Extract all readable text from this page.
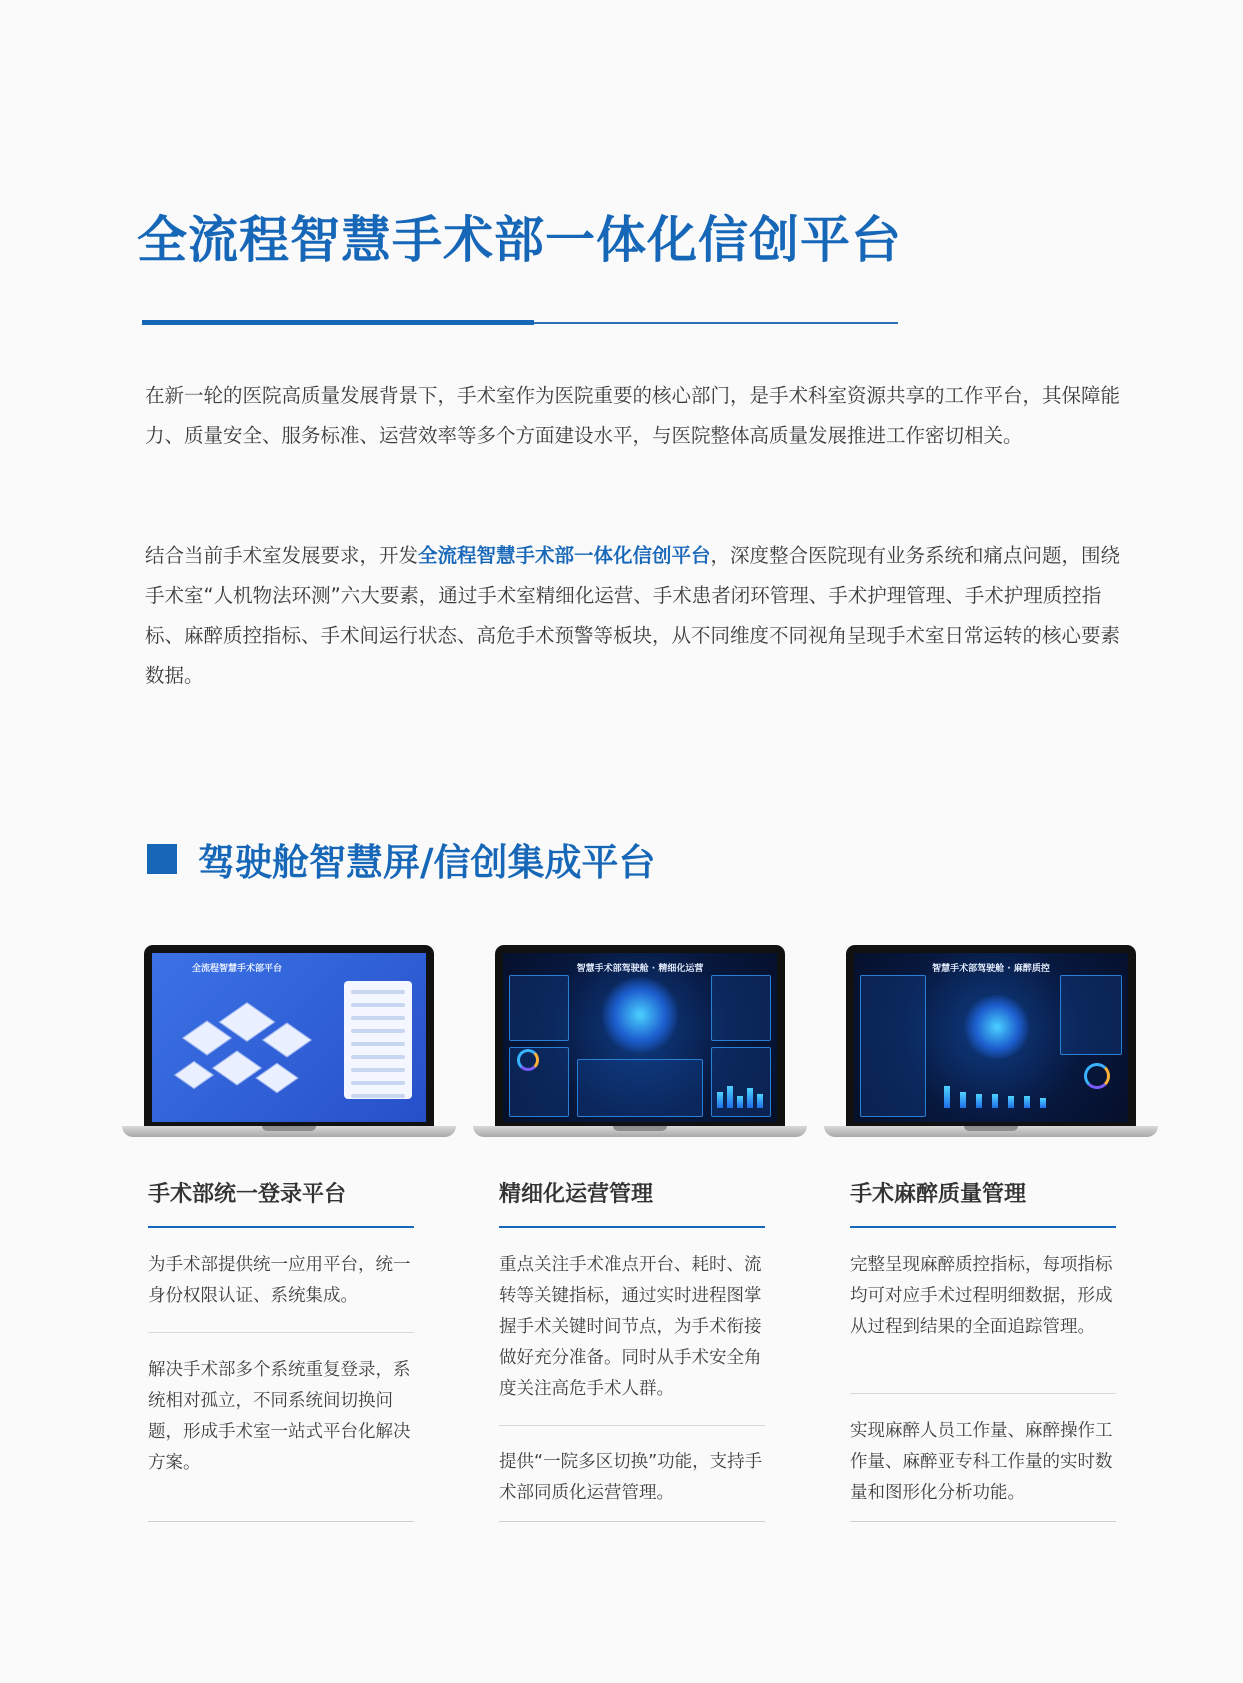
全流程智慧手术部一体化信创平台

在新一轮的医院高质量发展背景下，手术室作为医院重要的核心部门，是手术科室资源共享的工作平台，其保障能力、质量安全、服务标准、运营效率等多个方面建设水平，与医院整体高质量发展推进工作密切相关。

结合当前手术室发展要求，开发全流程智慧手术部一体化信创平台，深度整合医院现有业务系统和痛点问题，围绕手术室“人机物法环测”六大要素，通过手术室精细化运营、手术患者闭环管理、手术护理管理、手术护理质控指标、麻醉质控指标、手术间运行状态、高危手术预警等板块，从不同维度不同视角呈现手术室日常运转的核心要素数据。

驾驶舱智慧屏/信创集成平台
全流程智慧手术部平台	智慧手术部驾驶舱 · 精细化运营	智慧手术部驾驶舱 · 麻醉质控
手术部统一登录平台

为手术部提供统一应用平台，统一身份权限认证、系统集成。

解决手术部多个系统重复登录，系统相对孤立，不同系统间切换问题，形成手术室一站式平台化解决方案。

精细化运营管理

重点关注手术准点开台、耗时、流转等关键指标，通过实时进程图掌握手术关键时间节点，为手术衔接做好充分准备。同时从手术安全角度关注高危手术人群。

提供“一院多区切换”功能，支持手术部同质化运营管理。

手术麻醉质量管理

完整呈现麻醉质控指标，每项指标均可对应手术过程明细数据，形成从过程到结果的全面追踪管理。

实现麻醉人员工作量、麻醉操作工作量、麻醉亚专科工作量的实时数量和图形化分析功能。
